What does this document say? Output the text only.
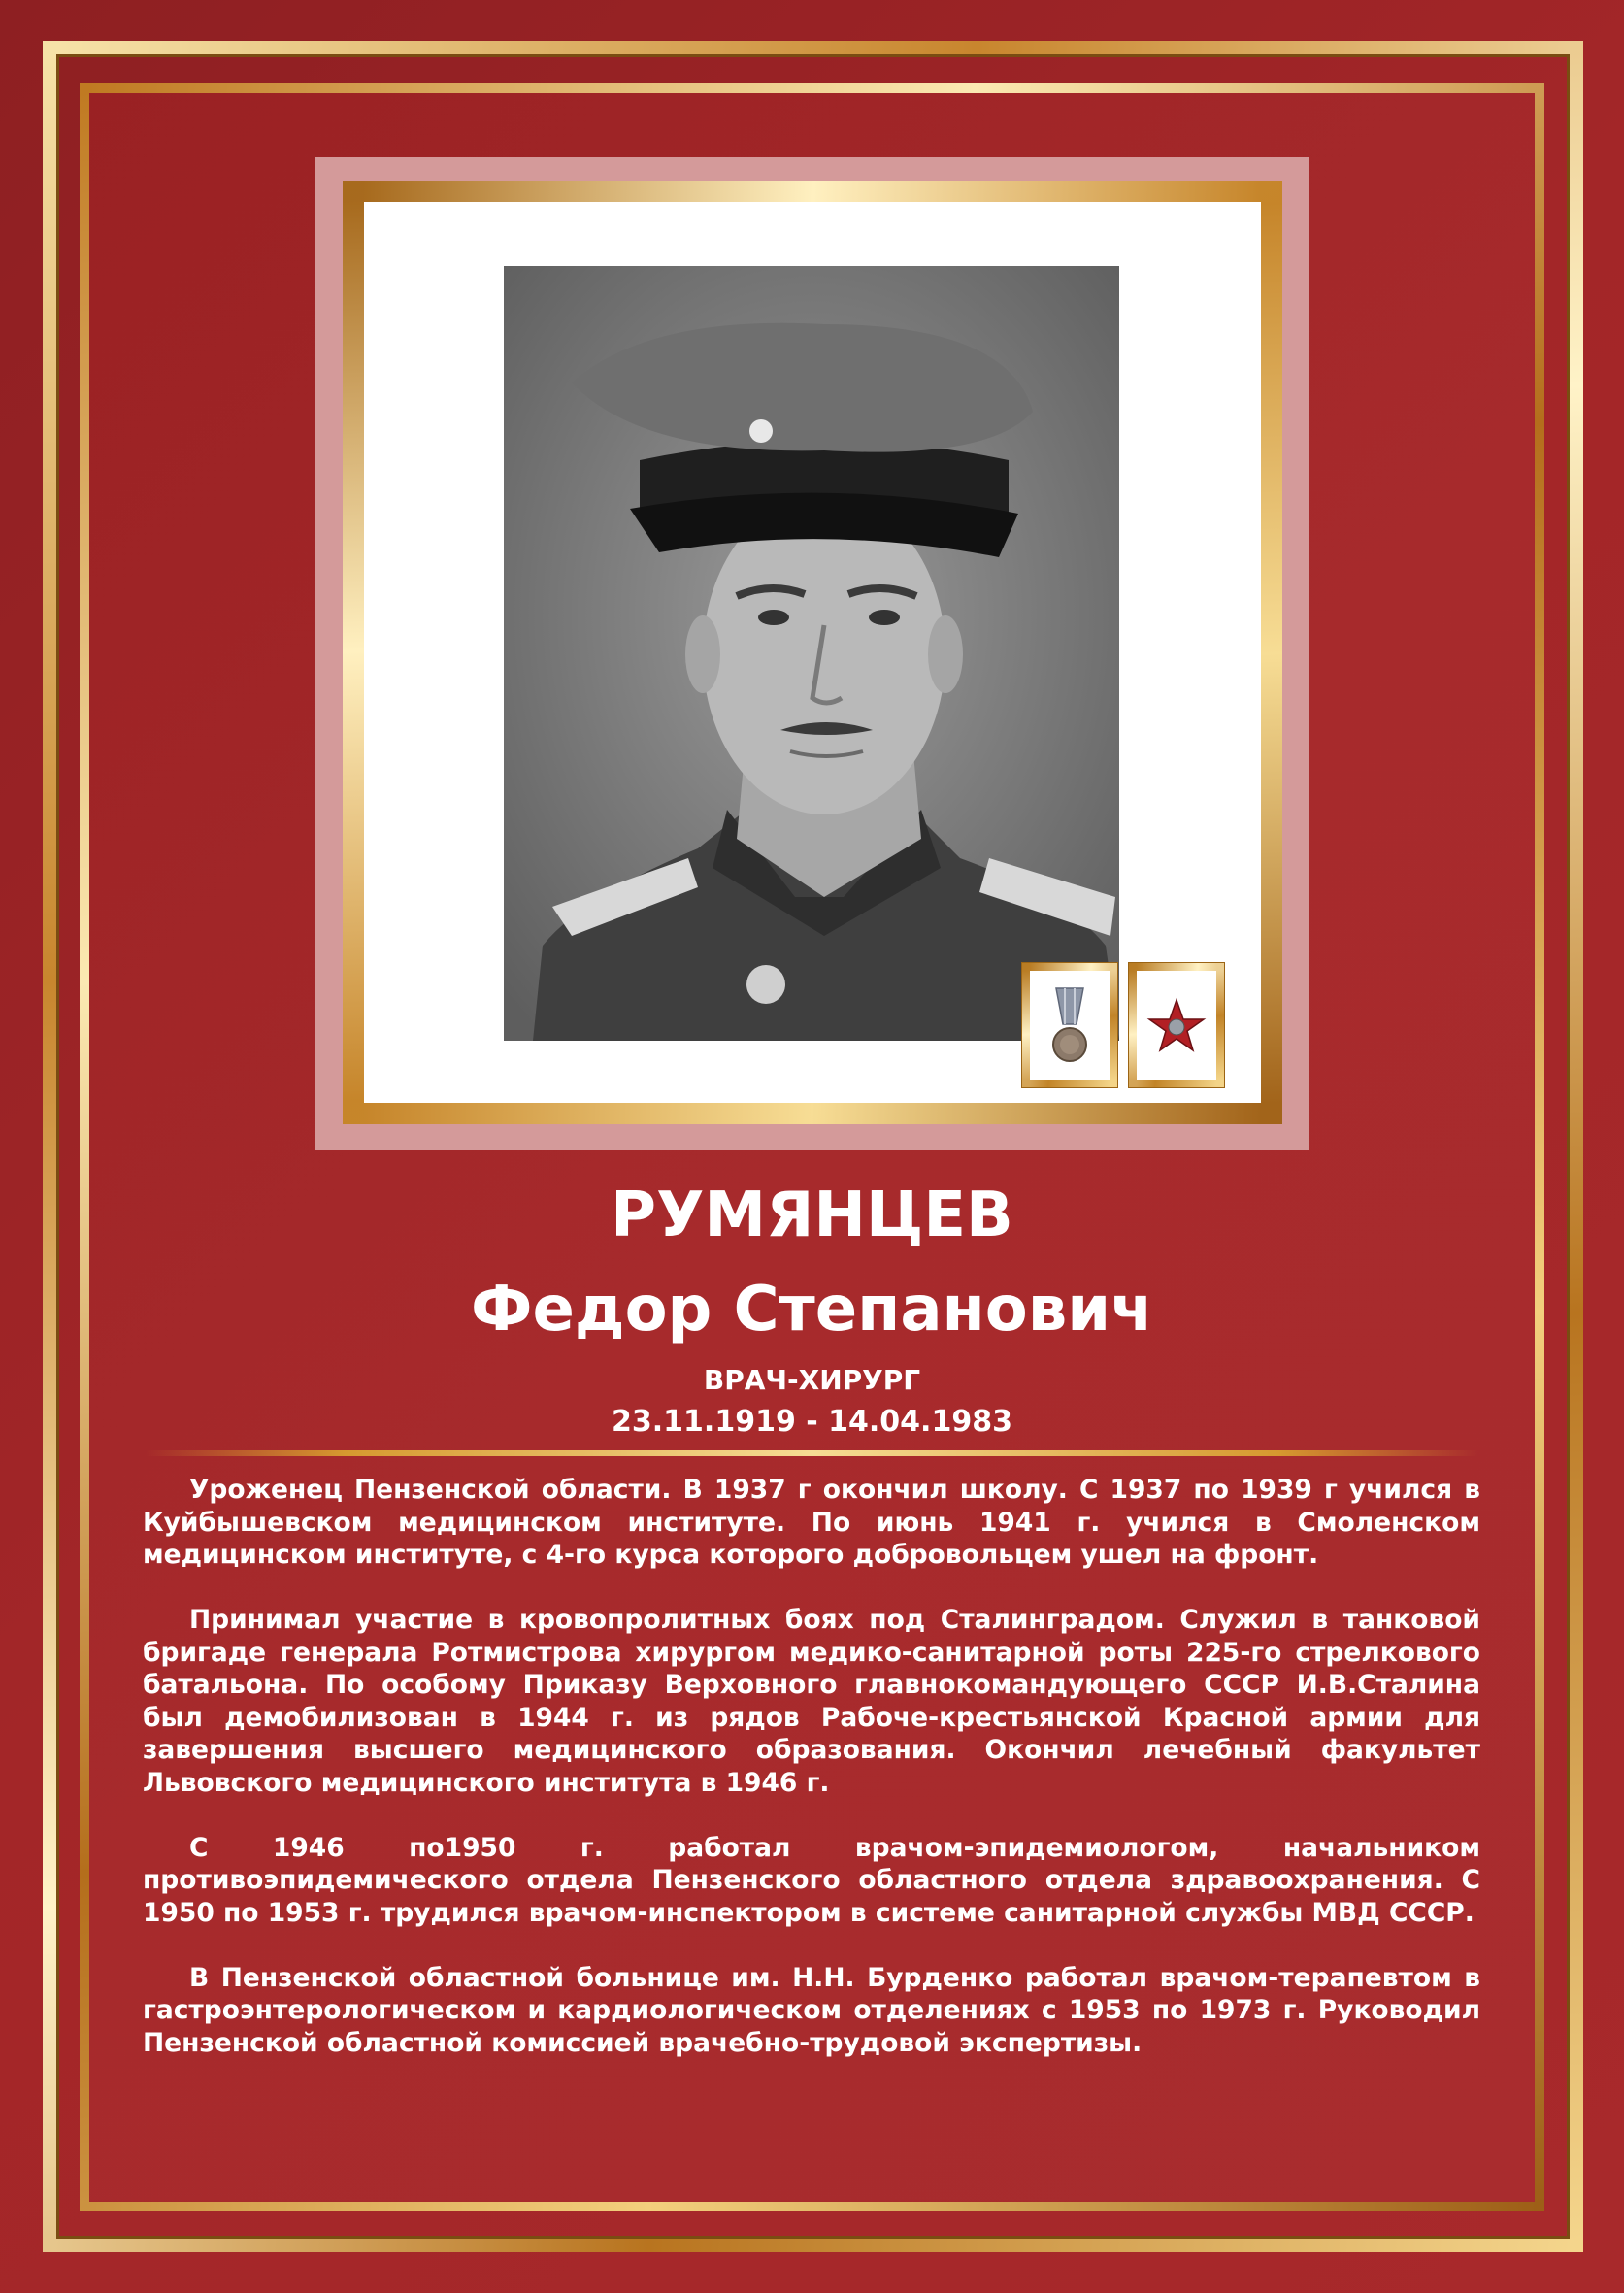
РУМЯНЦЕВ
Федор Степанович
ВРАЧ-ХИРУРГ
23.11.1919 - 14.04.1983

Уроженец Пензенской области. В 1937 г окончил школу. С 1937 по 1939 г учился в Куйбышевском медицинском институте. По июнь 1941 г. учился в Смоленском медицинском институте, с 4-го курса которого добровольцем ушел на фронт.

Принимал участие в кровопролитных боях под Сталинградом. Служил в танковой бригаде генерала Ротмистрова хирургом медико-санитарной роты 225-го стрелкового батальона. По особому Приказу Верховного главнокомандующего СССР И.В.Сталина был демобилизован в 1944 г. из рядов Рабоче-крестьянской Красной армии для завершения высшего медицинского образования. Окончил лечебный факультет Львовского медицинского института в 1946 г.

С 1946 по1950 г. работал врачом-эпидемиологом, начальником противоэпидемического отдела Пензенского областного отдела здравоохранения. С 1950 по 1953 г. трудился врачом-инспектором в системе санитарной службы МВД СССР.

В Пензенской областной больнице им. Н.Н. Бурденко работал врачом-терапевтом в гастроэнтерологическом и кардиологическом отделениях с 1953 по 1973 г. Руководил Пензенской областной комиссией врачебно-трудовой экспертизы.
